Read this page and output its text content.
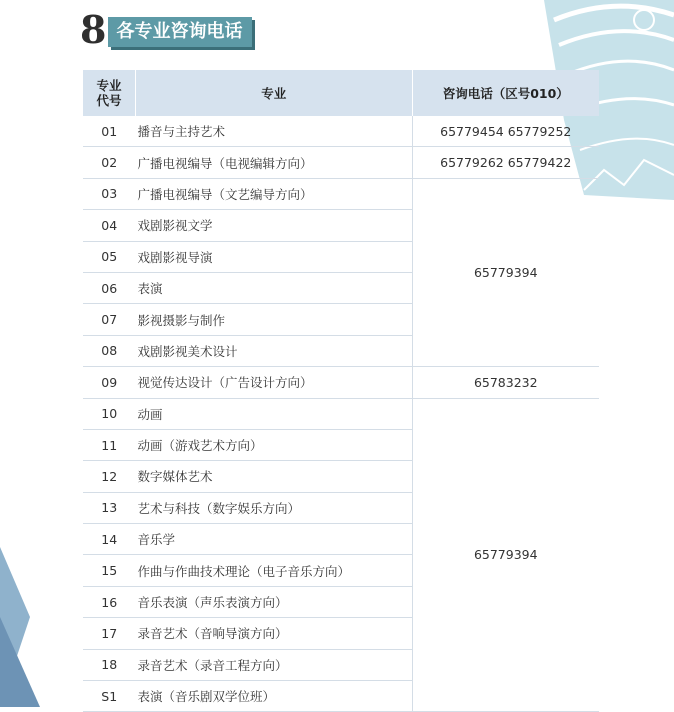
8 各专业咨询电话
专业
代号	专业	咨询电话（区号010）
01	播音与主持艺术	65779454 65779252
02	广播电视编导（电视编辑方向）	65779262 65779422
03	广播电视编导（文艺编导方向）	65779394
04	戏剧影视文学	
05	戏剧影视导演	
06	表演	
07	影视摄影与制作	
08	戏剧影视美术设计	
09	视觉传达设计（广告设计方向）	65783232
10	动画	65779394
11	动画（游戏艺术方向）	
12	数字媒体艺术	
13	艺术与科技（数字娱乐方向）	
14	音乐学	
15	作曲与作曲技术理论（电子音乐方向）	
16	音乐表演（声乐表演方向）	
17	录音艺术（音响导演方向）	
18	录音艺术（录音工程方向）	
S1	表演（音乐剧双学位班）	
